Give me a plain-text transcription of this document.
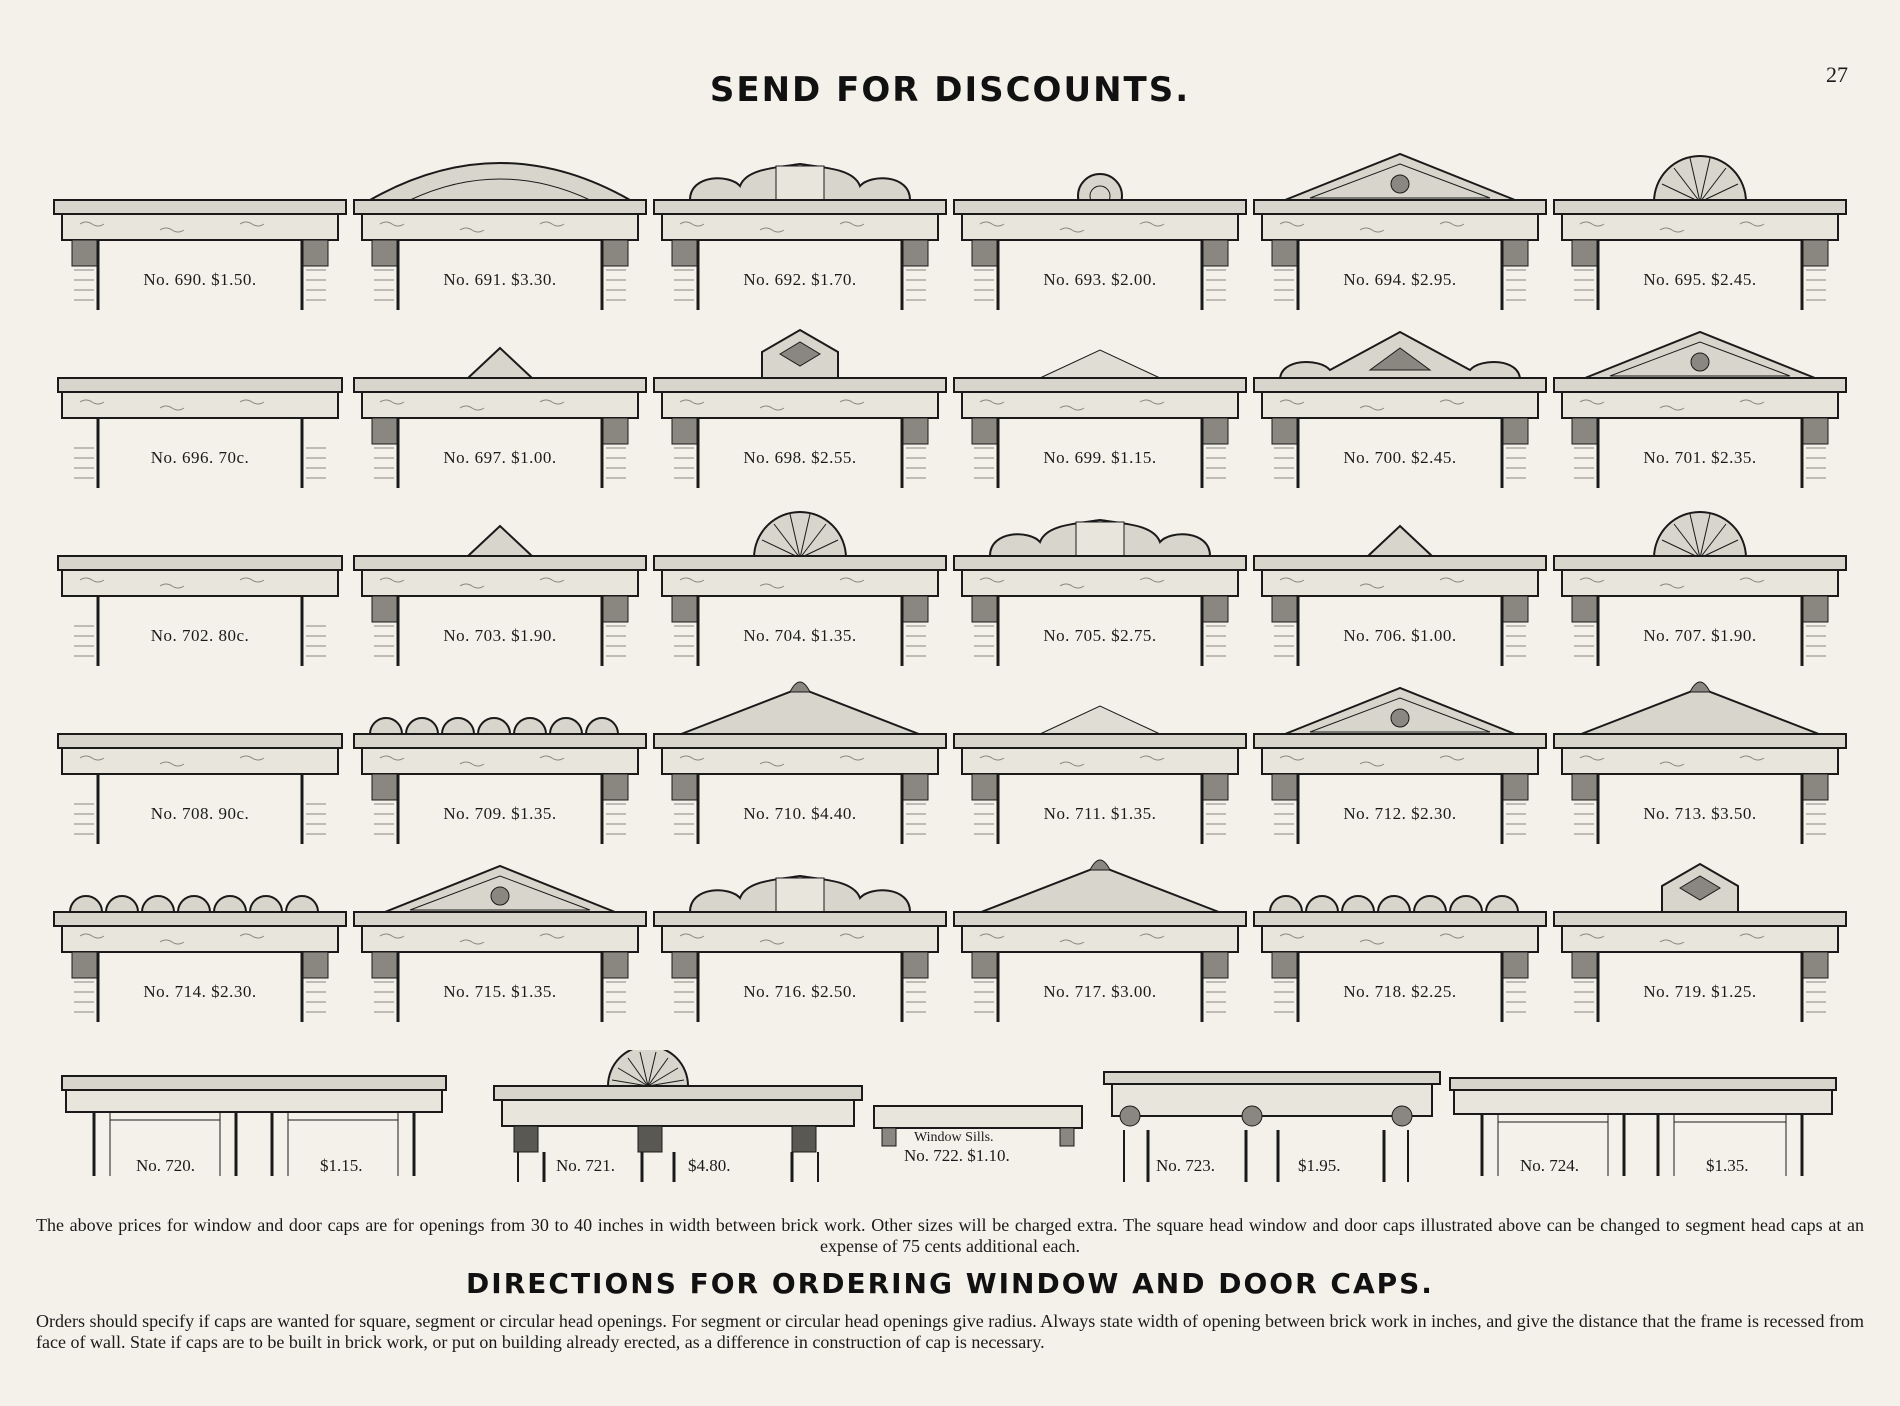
27
SEND FOR DISCOUNTS.
No. 690. $1.50.	No. 691. $3.30.	No. 692. $1.70.	No. 693. $2.00.	No. 694. $2.95.	No. 695. $2.45.
No. 696. 70c.	No. 697. $1.00.	No. 698. $2.55.	No. 699. $1.15.	No. 700. $2.45.	No. 701. $2.35.
No. 702. 80c.	No. 703. $1.90.	No. 704. $1.35.	No. 705. $2.75.	No. 706. $1.00.	No. 707. $1.90.
No. 708. 90c.	No. 709. $1.35.	No. 710. $4.40.	No. 711. $1.35.	No. 712. $2.30.	No. 713. $3.50.
No. 714. $2.30.	No. 715. $1.35.	No. 716. $2.50.	No. 717. $3.00.	No. 718. $2.25.	No. 719. $1.25.
No. 720.	$1.15.	No. 721.	$4.80.
Window Sills.
No. 722. $1.10.
No. 723.	$1.95.	No. 724.	$1.35.
The above prices for window and door caps are for openings from 30 to 40 inches in width between brick work. Other sizes will be charged extra. The square head window and door caps illustrated above can be changed to segment head caps at an expense of 75 cents additional each.
DIRECTIONS FOR ORDERING WINDOW AND DOOR CAPS.
Orders should specify if caps are wanted for square, segment or circular head openings. For segment or circular head openings give radius. Always state width of opening between brick work in inches, and give the distance that the frame is recessed from face of wall. State if caps are to be built in brick work, or put on building already erected, as a difference in construction of cap is necessary.
